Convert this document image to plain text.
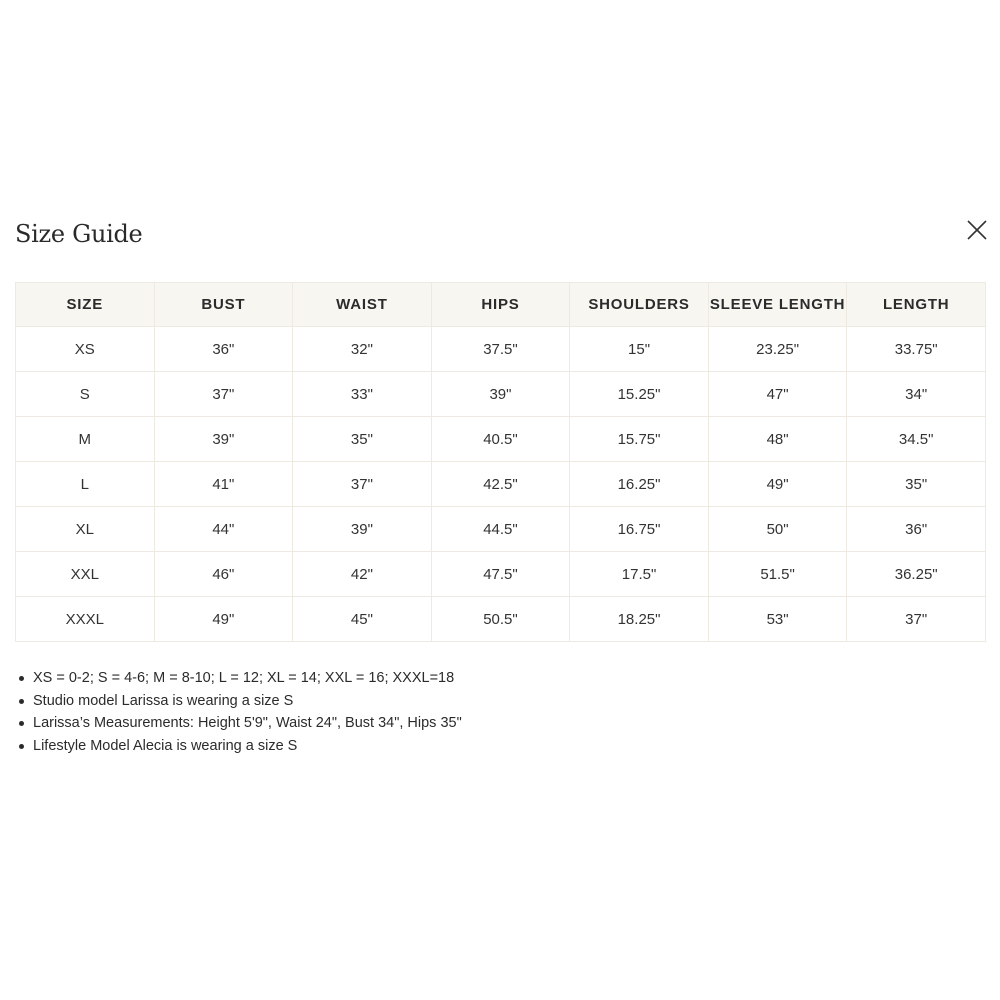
Size Guide
SIZE	BUST	WAIST	HIPS	SHOULDERS	SLEEVE LENGTH	LENGTH
XS	36"	32"	37.5"	15"	23.25"	33.75"
S	37"	33"	39"	15.25"	47"	34"
M	39"	35"	40.5"	15.75"	48"	34.5"
L	41"	37"	42.5"	16.25"	49"	35"
XL	44"	39"	44.5"	16.75"	50"	36"
XXL	46"	42"	47.5"	17.5"	51.5"	36.25"
XXXL	49"	45"	50.5"	18.25"	53"	37"
XS = 0-2; S = 4-6; M = 8-10; L = 12; XL = 14; XXL = 16; XXXL=18
Studio model Larissa is wearing a size S
Larissa’s Measurements: Height 5'9", Waist 24", Bust 34", Hips 35"
Lifestyle Model Alecia is wearing a size S
